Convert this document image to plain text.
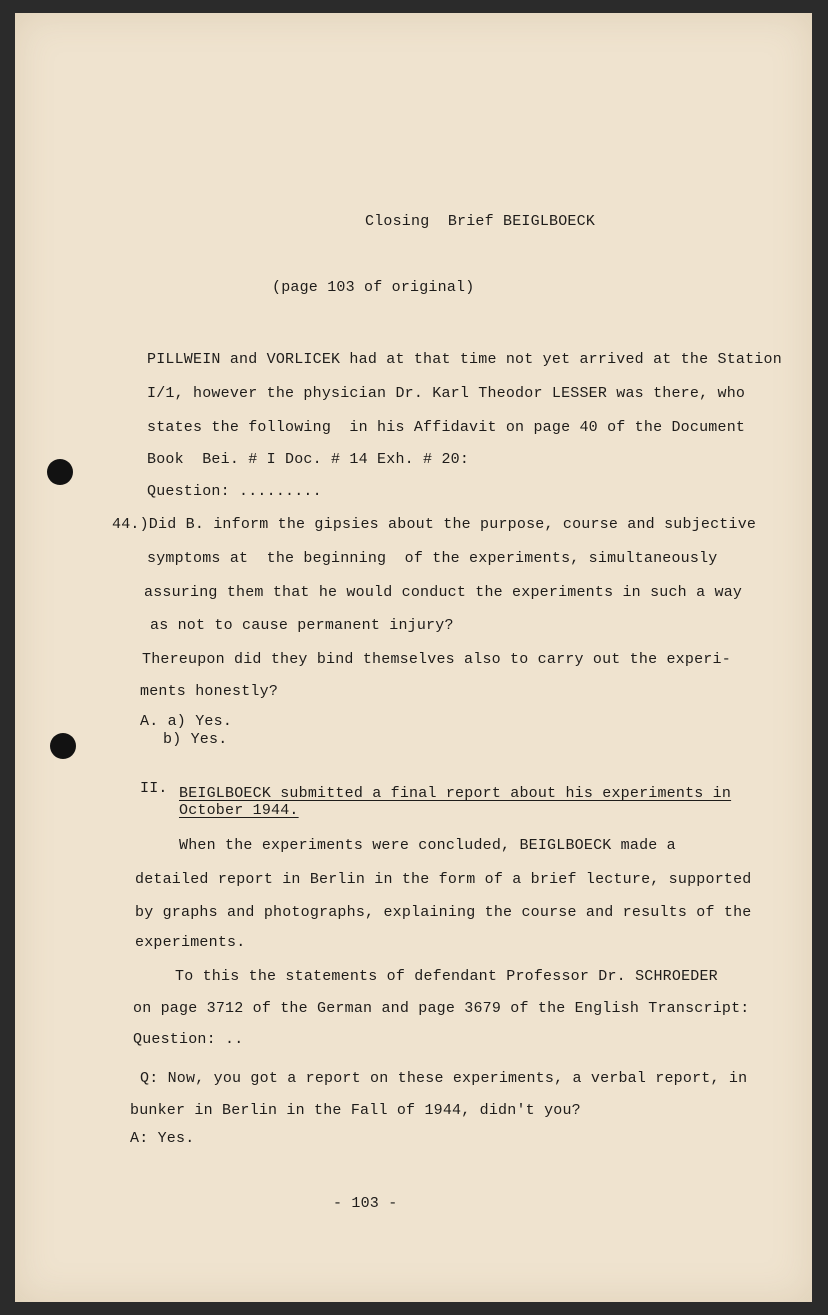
Closing  Brief BEIGLBOECK
(page 103 of original)
PILLWEIN and VORLICEK had at that time not yet arrived at the Station
I/1, however the physician Dr. Karl Theodor LESSER was there, who
states the following  in his Affidavit on page 40 of the Document
Book  Bei. # I Doc. # 14 Exh. # 20:
Question: .........
44.)Did B. inform the gipsies about the purpose, course and subjective
symptoms at  the beginning  of the experiments, simultaneously
assuring them that he would conduct the experiments in such a way
as not to cause permanent injury?
Thereupon did they bind themselves also to carry out the experi-
ments honestly?
A. a) Yes.
b) Yes.
II. BEIGLBOECK submitted a final report about his experiments in
October 1944.
When the experiments were concluded, BEIGLBOECK made a
detailed report in Berlin in the form of a brief lecture, supported
by graphs and photographs, explaining the course and results of the
experiments.
To this the statements of defendant Professor Dr. SCHROEDER
on page 3712 of the German and page 3679 of the English Transcript:
Question: ..
Q: Now, you got a report on these experiments, a verbal report, in
bunker in Berlin in the Fall of 1944, didn't you?
A: Yes.
- 103 -
